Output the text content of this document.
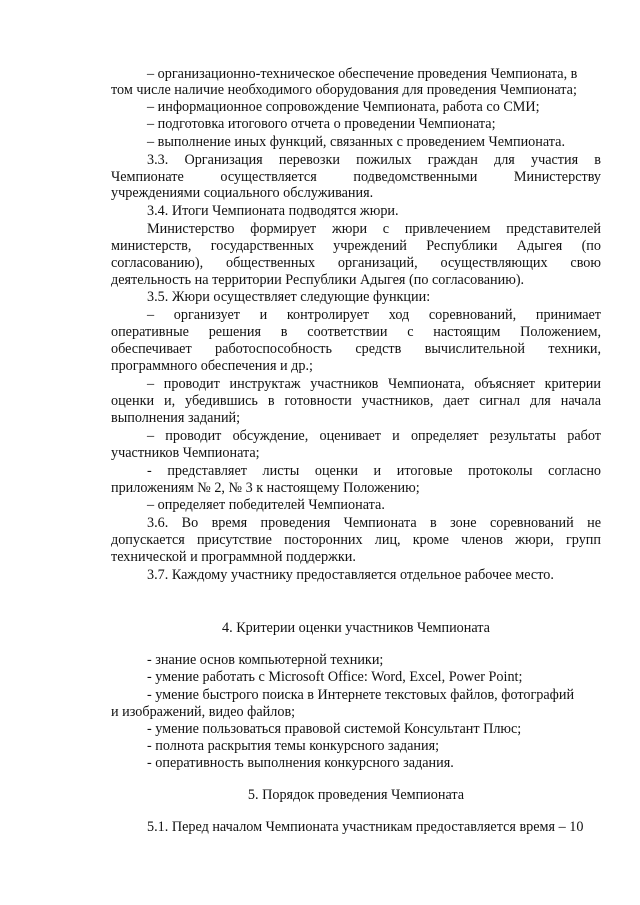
– организационно-техническое обеспечение проведения Чемпионата, в

том числе наличие необходимого оборудования для проведения Чемпионата;

– информационное сопровождение Чемпионата, работа со СМИ;

– подготовка итогового отчета о проведении Чемпионата;

– выполнение иных функций, связанных с проведением Чемпионата.

3.3. Организация перевозки пожилых граждан для участия в

Чемпионате осуществляется подведомственными Министерству

учреждениями социального обслуживания.

3.4. Итоги Чемпионата подводятся жюри.

Министерство формирует жюри с привлечением представителей

министерств, государственных учреждений Республики Адыгея (по

согласованию), общественных организаций, осуществляющих свою

деятельность на территории Республики Адыгея (по согласованию).

3.5. Жюри осуществляет следующие функции:

– организует и контролирует ход соревнований, принимает

оперативные решения в соответствии с настоящим Положением,

обеспечивает работоспособность средств вычислительной техники,

программного обеспечения и др.;

– проводит инструктаж участников Чемпионата, объясняет критерии

оценки и, убедившись в готовности участников, дает сигнал для начала

выполнения заданий;

– проводит обсуждение, оценивает и определяет результаты работ

участников Чемпионата;

- представляет листы оценки и итоговые протоколы согласно

приложениям № 2, № 3 к настоящему Положению;

– определяет победителей Чемпионата.

3.6. Во время проведения Чемпионата в зоне соревнований не

допускается присутствие посторонних лиц, кроме членов жюри, групп

технической и программной поддержки.

3.7. Каждому участнику предоставляется отдельное рабочее место.

4. Критерии оценки участников Чемпионата

- знание основ компьютерной техники;

- умение работать с Microsoft Office: Word, Excel, Power Point;

- умение быстрого поиска в Интернете текстовых файлов, фотографий

и изображений, видео файлов;

- умение пользоваться правовой системой Консультант Плюс;

- полнота раскрытия темы конкурсного задания;

- оперативность выполнения конкурсного задания.

5. Порядок проведения Чемпионата

5.1. Перед началом Чемпионата участникам предоставляется время – 10
